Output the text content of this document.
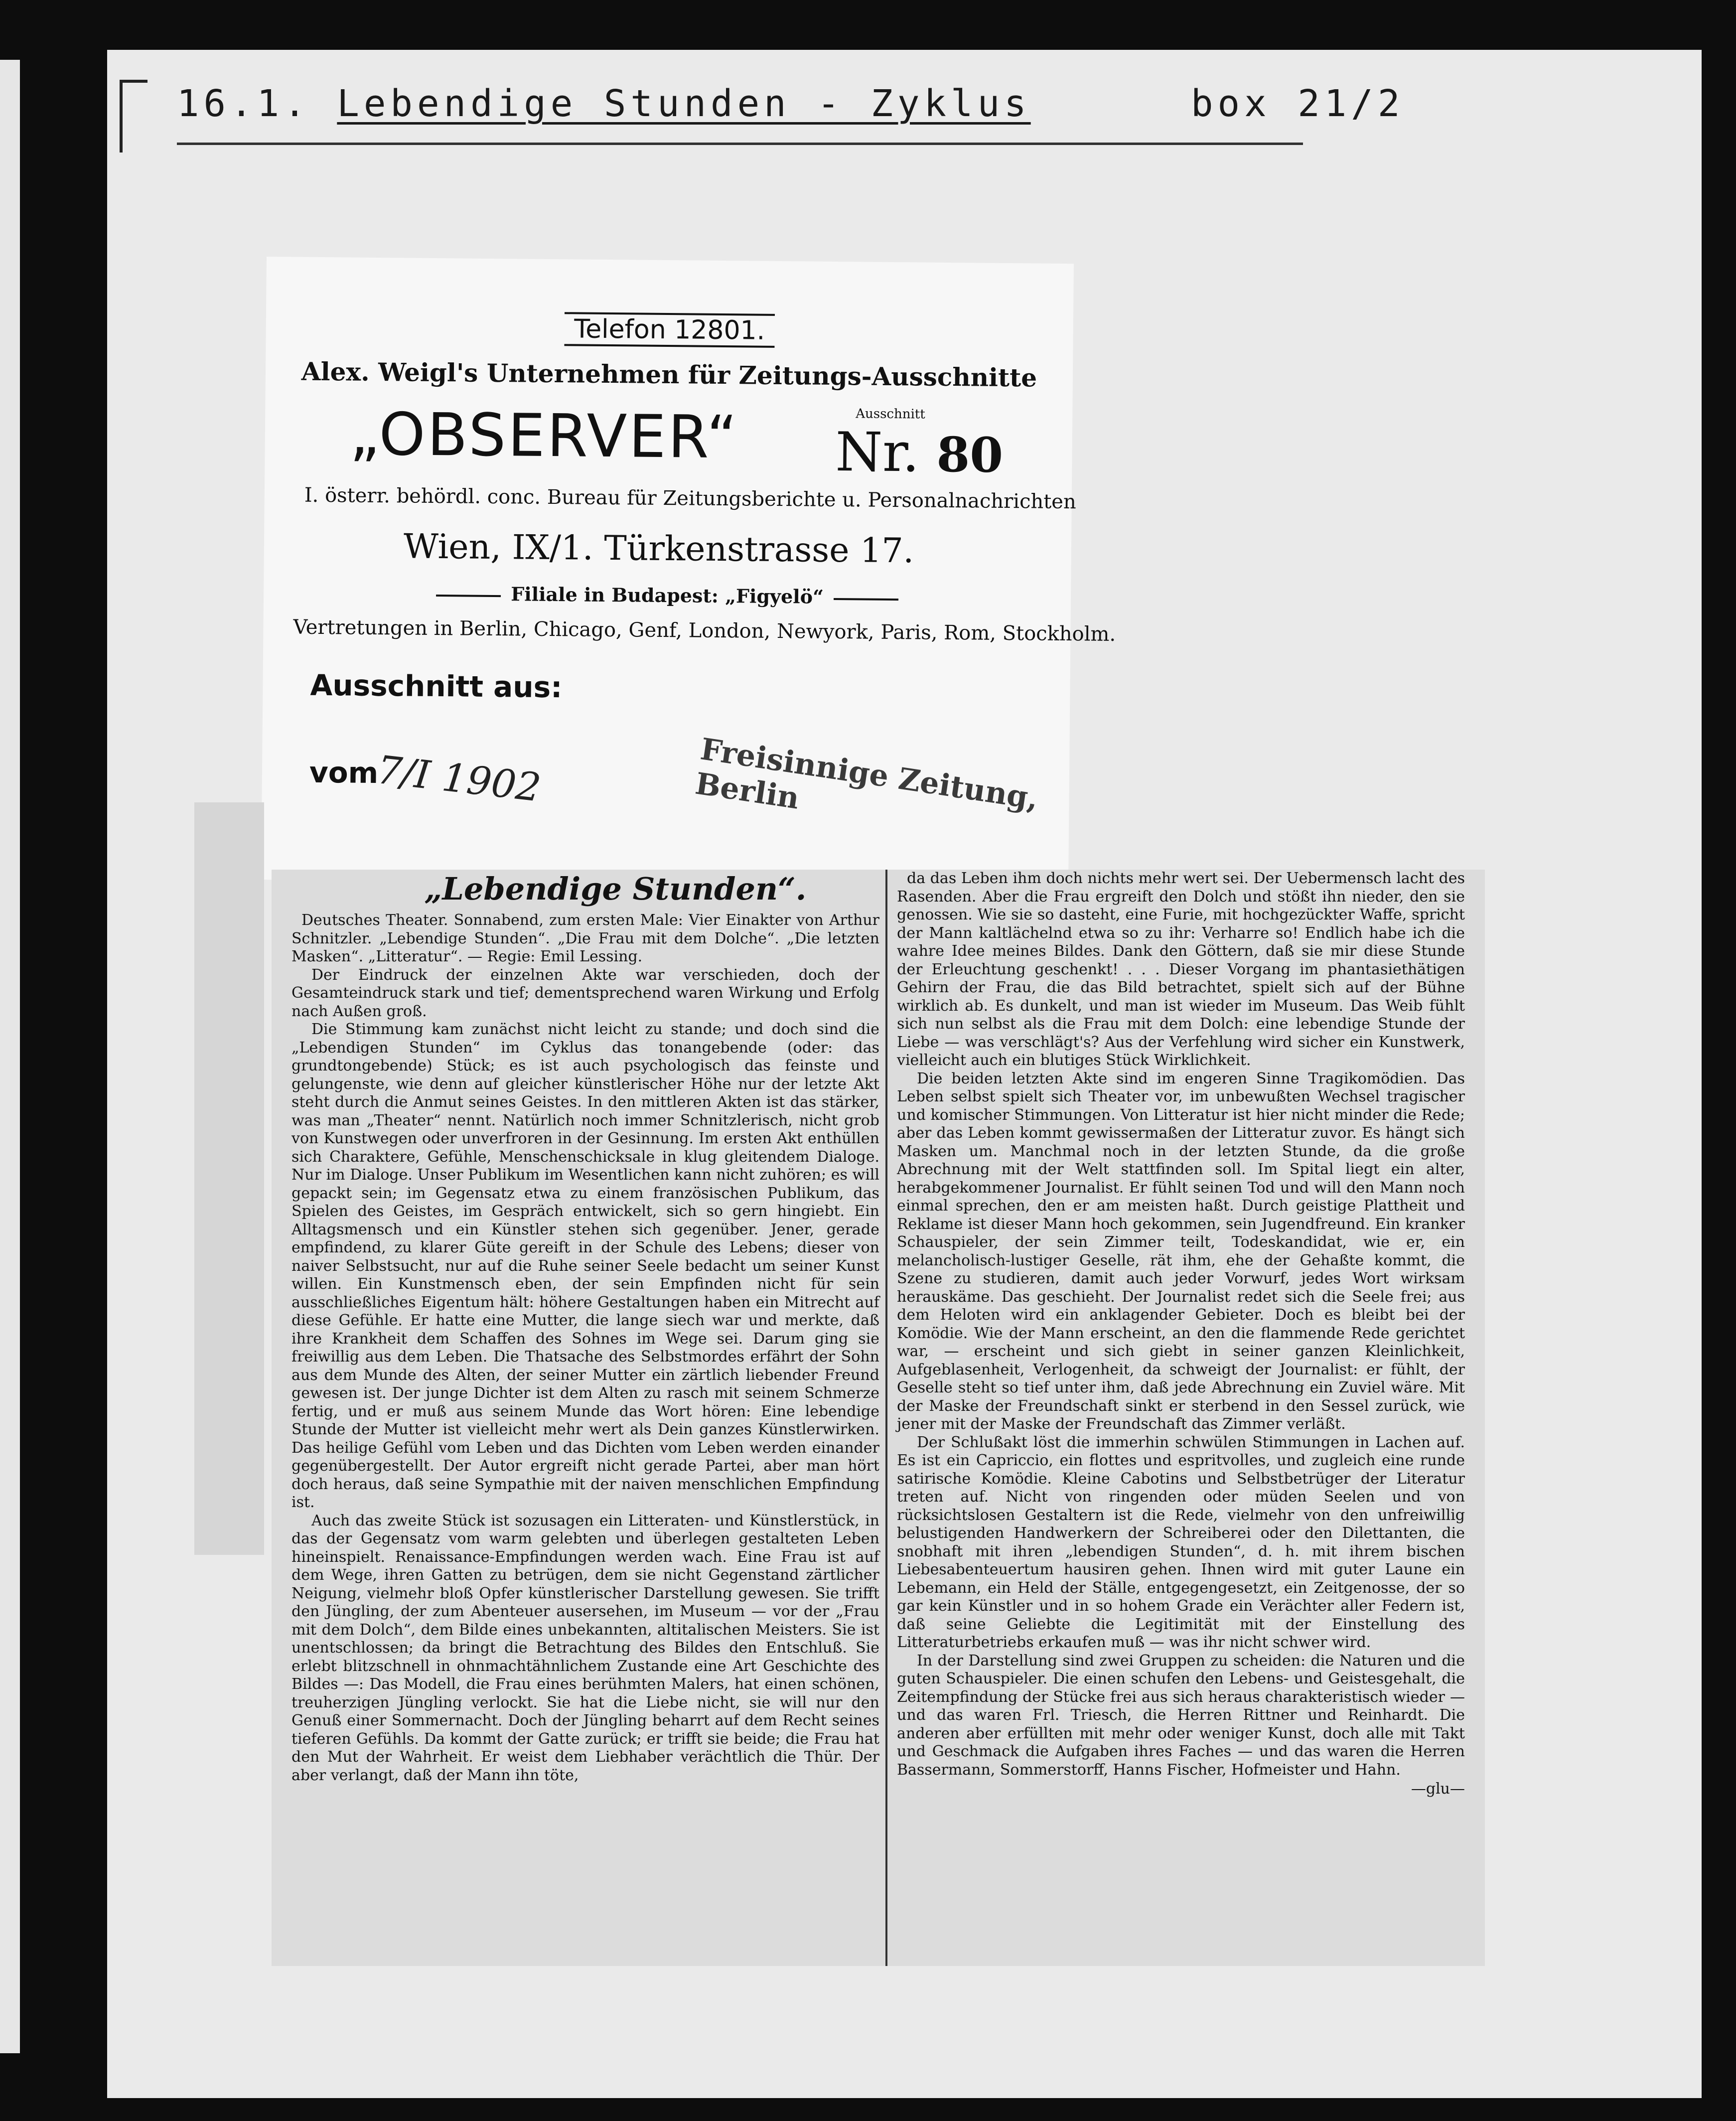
16.1. Lebendige Stunden - Zyklus	box 21/2
Telefon 12801.
Alex. Weigl's Unternehmen für Zeitungs-Ausschnitte
„OBSERVER“	Ausschnitt
Nr. 80
I. österr. behördl. conc. Bureau für Zeitungsberichte u. Personalnachrichten
Wien, IX/1. Türkenstrasse 17.
Filiale in Budapest: „Figyelö“
Vertretungen in Berlin, Chicago, Genf, London, Newyork, Paris, Rom, Stockholm.
Ausschnitt aus:
vom
7/I 1902	Freisinnige Zeitung, Berlin
„Lebendige Stunden“.

Deutsches Theater. Sonnabend, zum ersten Male: Vier Einakter von Arthur Schnitzler. „Lebendige Stunden“. „Die Frau mit dem Dolche“. „Die letzten Masken“. „Litteratur“. — Regie: Emil Lessing.

Der Eindruck der einzelnen Akte war verschieden, doch der Gesamteindruck stark und tief; dementsprechend waren Wirkung und Erfolg nach Außen groß.

Die Stimmung kam zunächst nicht leicht zu stande; und doch sind die „Lebendigen Stunden“ im Cyklus das tonangebende (oder: das grundtongebende) Stück; es ist auch psychologisch das feinste und gelungenste, wie denn auf gleicher künstlerischer Höhe nur der letzte Akt steht durch die Anmut seines Geistes. In den mittleren Akten ist das stärker, was man „Theater“ nennt. Natürlich noch immer Schnitzlerisch, nicht grob von Kunstwegen oder unverfroren in der Gesinnung. Im ersten Akt enthüllen sich Charaktere, Gefühle, Menschenschicksale in klug gleitendem Dialoge. Nur im Dialoge. Unser Publikum im Wesentlichen kann nicht zuhören; es will gepackt sein; im Gegensatz etwa zu einem französischen Publikum, das Spielen des Geistes, im Gespräch entwickelt, sich so gern hingiebt. Ein Alltagsmensch und ein Künstler stehen sich gegenüber. Jener, gerade empfindend, zu klarer Güte gereift in der Schule des Lebens; dieser von naiver Selbstsucht, nur auf die Ruhe seiner Seele bedacht um seiner Kunst willen. Ein Kunstmensch eben, der sein Empfinden nicht für sein ausschließliches Eigentum hält: höhere Gestaltungen haben ein Mitrecht auf diese Gefühle. Er hatte eine Mutter, die lange siech war und merkte, daß ihre Krankheit dem Schaffen des Sohnes im Wege sei. Darum ging sie freiwillig aus dem Leben. Die Thatsache des Selbstmordes erfährt der Sohn aus dem Munde des Alten, der seiner Mutter ein zärtlich liebender Freund gewesen ist. Der junge Dichter ist dem Alten zu rasch mit seinem Schmerze fertig, und er muß aus seinem Munde das Wort hören: Eine lebendige Stunde der Mutter ist vielleicht mehr wert als Dein ganzes Künstlerwirken. Das heilige Gefühl vom Leben und das Dichten vom Leben werden einander gegenübergestellt. Der Autor ergreift nicht gerade Partei, aber man hört doch heraus, daß seine Sympathie mit der naiven menschlichen Empfindung ist.

Auch das zweite Stück ist sozusagen ein Litteraten- und Künstlerstück, in das der Gegensatz vom warm gelebten und überlegen gestalteten Leben hineinspielt. Renaissance-Empfindungen werden wach. Eine Frau ist auf dem Wege, ihren Gatten zu betrügen, dem sie nicht Gegenstand zärtlicher Neigung, vielmehr bloß Opfer künstlerischer Darstellung gewesen. Sie trifft den Jüngling, der zum Abenteuer ausersehen, im Museum — vor der „Frau mit dem Dolch“, dem Bilde eines unbekannten, altitalischen Meisters. Sie ist unentschlossen; da bringt die Betrachtung des Bildes den Entschluß. Sie erlebt blitzschnell in ohnmachtähnlichem Zustande eine Art Geschichte des Bildes —: Das Modell, die Frau eines berühmten Malers, hat einen schönen, treuherzigen Jüngling verlockt. Sie hat die Liebe nicht, sie will nur den Genuß einer Sommernacht. Doch der Jüngling beharrt auf dem Recht seines tieferen Gefühls. Da kommt der Gatte zurück; er trifft sie beide; die Frau hat den Mut der Wahrheit. Er weist dem Liebhaber verächtlich die Thür. Der aber verlangt, daß der Mann ihn töte,

da das Leben ihm doch nichts mehr wert sei. Der Uebermensch lacht des Rasenden. Aber die Frau ergreift den Dolch und stößt ihn nieder, den sie genossen. Wie sie so dasteht, eine Furie, mit hochgezückter Waffe, spricht der Mann kaltlächelnd etwa so zu ihr: Verharre so! Endlich habe ich die wahre Idee meines Bildes. Dank den Göttern, daß sie mir diese Stunde der Erleuchtung geschenkt! . . . Dieser Vorgang im phantasiethätigen Gehirn der Frau, die das Bild betrachtet, spielt sich auf der Bühne wirklich ab. Es dunkelt, und man ist wieder im Museum. Das Weib fühlt sich nun selbst als die Frau mit dem Dolch: eine lebendige Stunde der Liebe — was verschlägt's? Aus der Verfehlung wird sicher ein Kunstwerk, vielleicht auch ein blutiges Stück Wirklichkeit.

Die beiden letzten Akte sind im engeren Sinne Tragikomödien. Das Leben selbst spielt sich Theater vor, im unbewußten Wechsel tragischer und komischer Stimmungen. Von Litteratur ist hier nicht minder die Rede; aber das Leben kommt gewissermaßen der Litteratur zuvor. Es hängt sich Masken um. Manchmal noch in der letzten Stunde, da die große Abrechnung mit der Welt stattfinden soll. Im Spital liegt ein alter, herabgekommener Journalist. Er fühlt seinen Tod und will den Mann noch einmal sprechen, den er am meisten haßt. Durch geistige Plattheit und Reklame ist dieser Mann hoch gekommen, sein Jugendfreund. Ein kranker Schauspieler, der sein Zimmer teilt, Todeskandidat, wie er, ein melancholisch-lustiger Geselle, rät ihm, ehe der Gehaßte kommt, die Szene zu studieren, damit auch jeder Vorwurf, jedes Wort wirksam herauskäme. Das geschieht. Der Journalist redet sich die Seele frei; aus dem Heloten wird ein anklagender Gebieter. Doch es bleibt bei der Komödie. Wie der Mann erscheint, an den die flammende Rede gerichtet war, — erscheint und sich giebt in seiner ganzen Kleinlichkeit, Aufgeblasenheit, Verlogenheit, da schweigt der Journalist: er fühlt, der Geselle steht so tief unter ihm, daß jede Abrechnung ein Zuviel wäre. Mit der Maske der Freundschaft sinkt er sterbend in den Sessel zurück, wie jener mit der Maske der Freundschaft das Zimmer verläßt.

Der Schlußakt löst die immerhin schwülen Stimmungen in Lachen auf. Es ist ein Capriccio, ein flottes und espritvolles, und zugleich eine runde satirische Komödie. Kleine Cabotins und Selbstbetrüger der Literatur treten auf. Nicht von ringenden oder müden Seelen und von rücksichtslosen Gestaltern ist die Rede, vielmehr von den unfreiwillig belustigenden Handwerkern der Schreiberei oder den Dilettanten, die snobhaft mit ihren „lebendigen Stunden“, d. h. mit ihrem bischen Liebesabenteuertum hausiren gehen. Ihnen wird mit guter Laune ein Lebemann, ein Held der Ställe, entgegengesetzt, ein Zeitgenosse, der so gar kein Künstler und in so hohem Grade ein Verächter aller Federn ist, daß seine Geliebte die Legitimität mit der Einstellung des Litteraturbetriebs erkaufen muß — was ihr nicht schwer wird.

In der Darstellung sind zwei Gruppen zu scheiden: die Naturen und die guten Schauspieler. Die einen schufen den Lebens- und Geistesgehalt, die Zeitempfindung der Stücke frei aus sich heraus charakteristisch wieder — und das waren Frl. Triesch, die Herren Rittner und Reinhardt. Die anderen aber erfüllten mit mehr oder weniger Kunst, doch alle mit Takt und Geschmack die Aufgaben ihres Faches — und das waren die Herren Bassermann, Sommerstorff, Hanns Fischer, Hofmeister und Hahn.

—glu—
